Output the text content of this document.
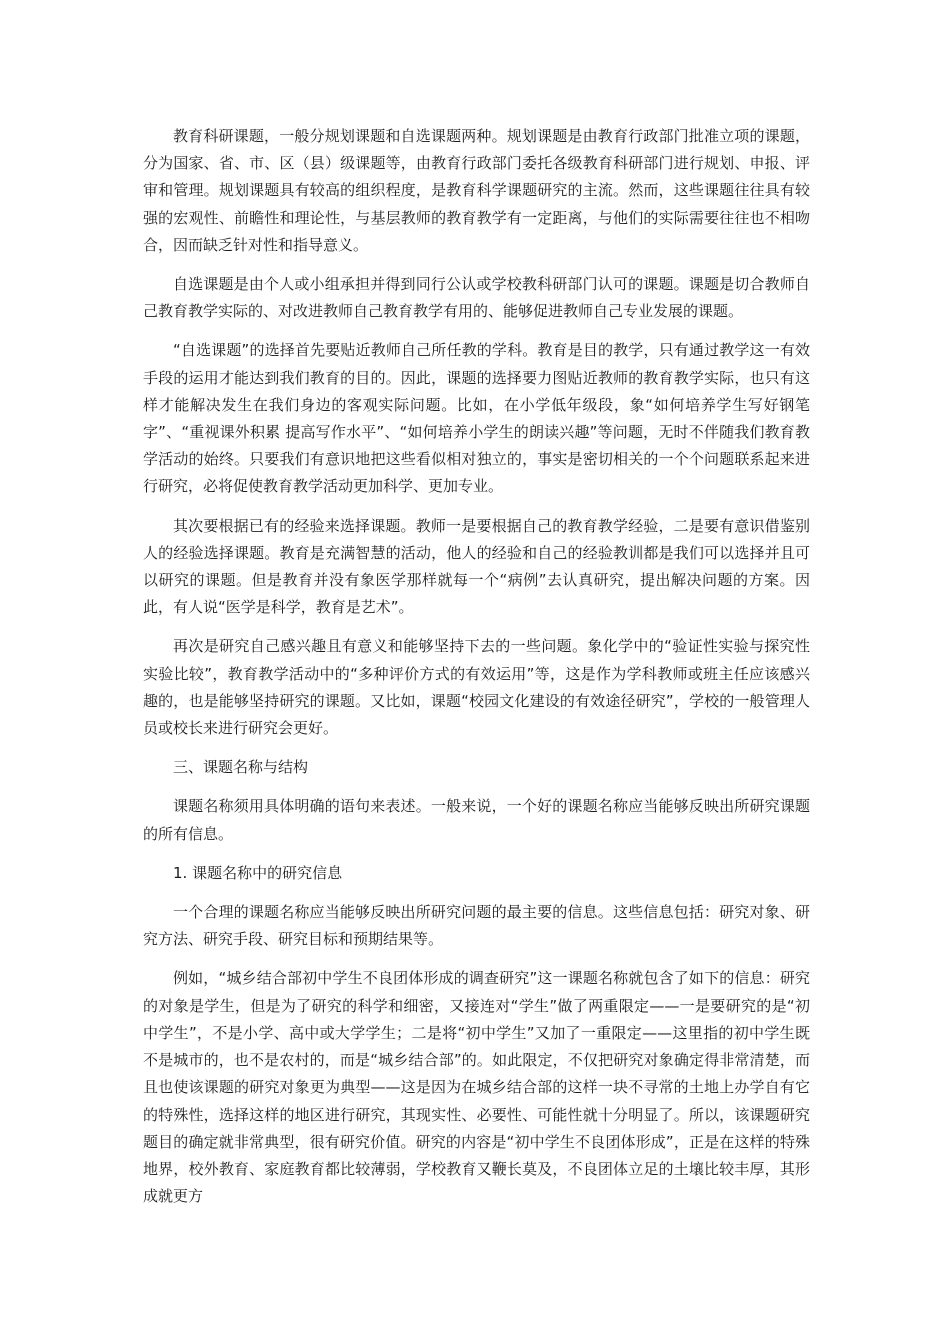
教育科研课题，一般分规划课题和自选课题两种。规划课题是由教育行政部门批准立项的课题，分为国家、省、市、区（县）级课题等，由教育行政部门委托各级教育科研部门进行规划、申报、评审和管理。规划课题具有较高的组织程度，是教育科学课题研究的主流。然而，这些课题往往具有较强的宏观性、前瞻性和理论性，与基层教师的教育教学有一定距离，与他们的实际需要往往也不相吻合，因而缺乏针对性和指导意义。

自选课题是由个人或小组承担并得到同行公认或学校教科研部门认可的课题。课题是切合教师自己教育教学实际的、对改进教师自己教育教学有用的、能够促进教师自己专业发展的课题。

“自选课题”的选择首先要贴近教师自己所任教的学科。教育是目的教学，只有通过教学这一有效手段的运用才能达到我们教育的目的。因此，课题的选择要力图贴近教师的教育教学实际，也只有这样才能解决发生在我们身边的客观实际问题。比如，在小学低年级段，象“如何培养学生写好钢笔字”、“重视课外积累 提高写作水平”、“如何培养小学生的朗读兴趣”等问题，无时不伴随我们教育教学活动的始终。只要我们有意识地把这些看似相对独立的，事实是密切相关的一个个问题联系起来进行研究，必将促使教育教学活动更加科学、更加专业。

其次要根据已有的经验来选择课题。教师一是要根据自己的教育教学经验，二是要有意识借鉴别人的经验选择课题。教育是充满智慧的活动，他人的经验和自己的经验教训都是我们可以选择并且可以研究的课题。但是教育并没有象医学那样就每一个“病例”去认真研究，提出解决问题的方案。因此，有人说“医学是科学，教育是艺术”。

再次是研究自己感兴趣且有意义和能够坚持下去的一些问题。象化学中的“验证性实验与探究性实验比较”，教育教学活动中的“多种评价方式的有效运用”等，这是作为学科教师或班主任应该感兴趣的，也是能够坚持研究的课题。又比如，课题“校园文化建设的有效途径研究”，学校的一般管理人员或校长来进行研究会更好。

三、课题名称与结构

课题名称须用具体明确的语句来表述。一般来说，一个好的课题名称应当能够反映出所研究课题的所有信息。

1. 课题名称中的研究信息

一个合理的课题名称应当能够反映出所研究问题的最主要的信息。这些信息包括：研究对象、研究方法、研究手段、研究目标和预期结果等。

例如，“城乡结合部初中学生不良团体形成的调查研究”这一课题名称就包含了如下的信息：研究的对象是学生，但是为了研究的科学和细密，又接连对“学生”做了两重限定——一是要研究的是“初中学生”，不是小学、高中或大学学生；二是将“初中学生”又加了一重限定——这里指的初中学生既不是城市的，也不是农村的，而是“城乡结合部”的。如此限定，不仅把研究对象确定得非常清楚，而且也使该课题的研究对象更为典型——这是因为在城乡结合部的这样一块不寻常的土地上办学自有它的特殊性，选择这样的地区进行研究，其现实性、必要性、可能性就十分明显了。所以，该课题研究题目的确定就非常典型，很有研究价值。研究的内容是“初中学生不良团体形成”，正是在这样的特殊地界，校外教育、家庭教育都比较薄弱，学校教育又鞭长莫及，不良团体立足的土壤比较丰厚，其形成就更方
